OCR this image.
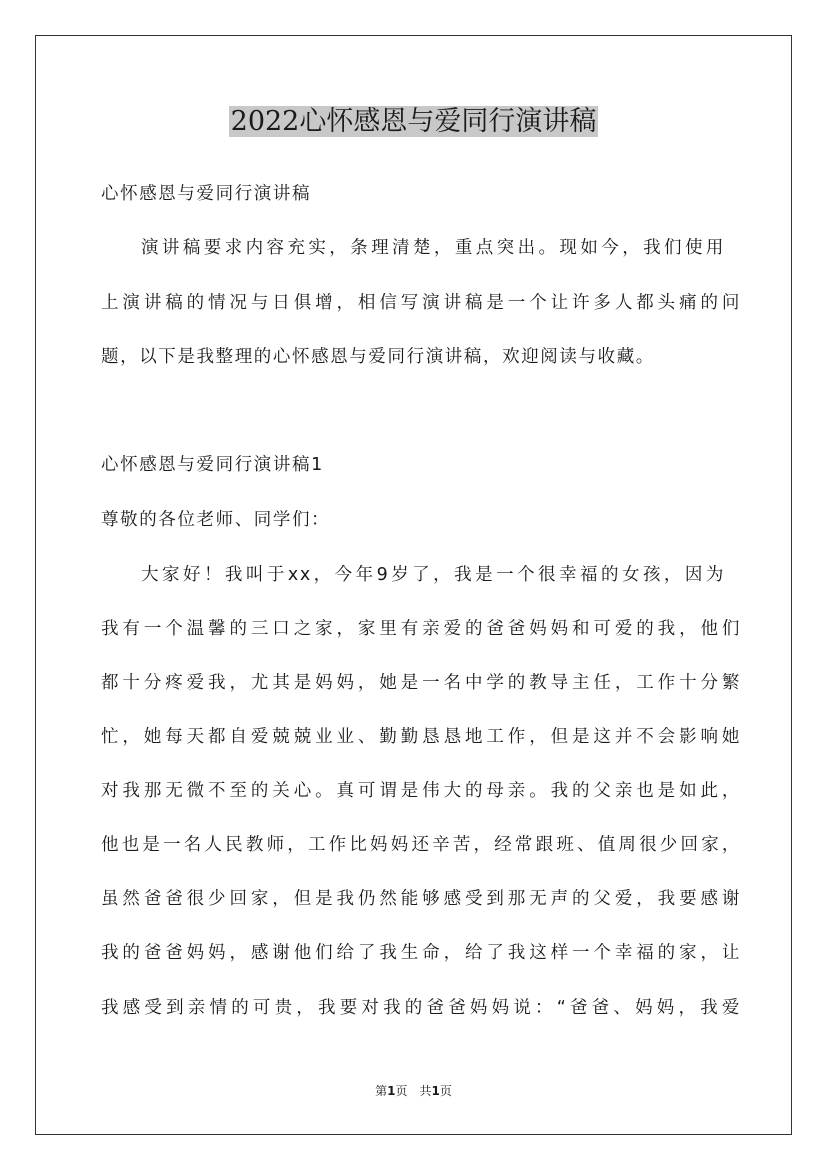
2022心怀感恩与爱同行演讲稿
心怀感恩与爱同行演讲稿
演讲稿要求内容充实，条理清楚，重点突出。现如今，我们使用
上演讲稿的情况与日俱增，相信写演讲稿是一个让许多人都头痛的问
题，以下是我整理的心怀感恩与爱同行演讲稿，欢迎阅读与收藏。
心怀感恩与爱同行演讲稿1
尊敬的各位老师、同学们：
大家好！我叫于xx，今年9岁了，我是一个很幸福的女孩，因为
我有一个温馨的三口之家，家里有亲爱的爸爸妈妈和可爱的我，他们
都十分疼爱我，尤其是妈妈，她是一名中学的教导主任，工作十分繁
忙，她每天都自爱兢兢业业、勤勤恳恳地工作，但是这并不会影响她
对我那无微不至的关心。真可谓是伟大的母亲。我的父亲也是如此，
他也是一名人民教师，工作比妈妈还辛苦，经常跟班、值周很少回家，
虽然爸爸很少回家，但是我仍然能够感受到那无声的父爱，我要感谢
我的爸爸妈妈，感谢他们给了我生命，给了我这样一个幸福的家，让
我感受到亲情的可贵，我要对我的爸爸妈妈说：“爸爸、妈妈，我爱
第1页 共1页
